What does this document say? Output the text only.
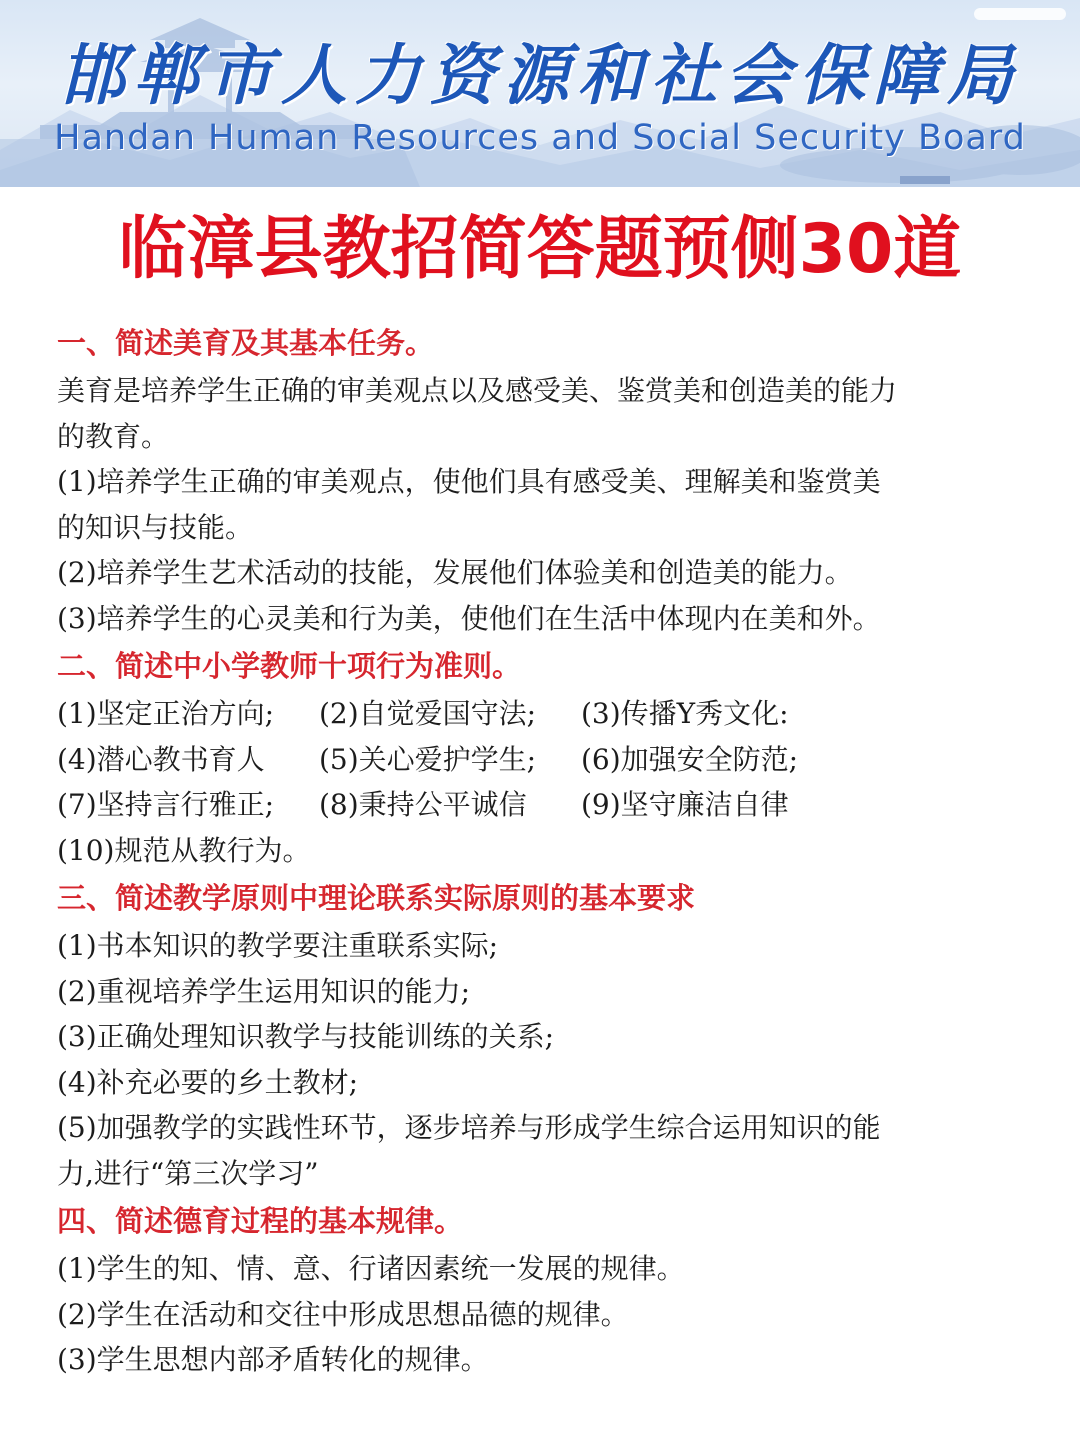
邯郸市人力资源和社会保障局
Handan Human Resources and Social Security Board
临漳县教招简答题预侧30道
一、简述美育及其基本任务。
美育是培养学生正确的审美观点以及感受美、鉴赏美和创造美的能力
的教育。
(1)培养学生正确的审美观点，使他们具有感受美、理解美和鉴赏美
的知识与技能。
(2)培养学生艺术活动的技能，发展他们体验美和创造美的能力。
(3)培养学生的心灵美和行为美，使他们在生活中体现内在美和外。
二、简述中小学教师十项行为准则。
(1)坚定正治方向;	(2)自觉爱国守法;	(3)传播Y秀文化:
(4)潜心教书育人	(5)关心爱护学生;	(6)加强安全防范;
(7)坚持言行雅正;	(8)秉持公平诚信	(9)坚守廉洁自律
(10)规范从教行为。
三、简述教学原则中理论联系实际原则的基本要求
(1)书本知识的教学要注重联系实际;
(2)重视培养学生运用知识的能力;
(3)正确处理知识教学与技能训练的关系;
(4)补充必要的乡土教材;
(5)加强教学的实践性环节，逐步培养与形成学生综合运用知识的能
力,进行“第三次学习”
四、简述德育过程的基本规律。
(1)学生的知、情、意、行诸因素统一发展的规律。
(2)学生在活动和交往中形成思想品德的规律。
(3)学生思想内部矛盾转化的规律。
